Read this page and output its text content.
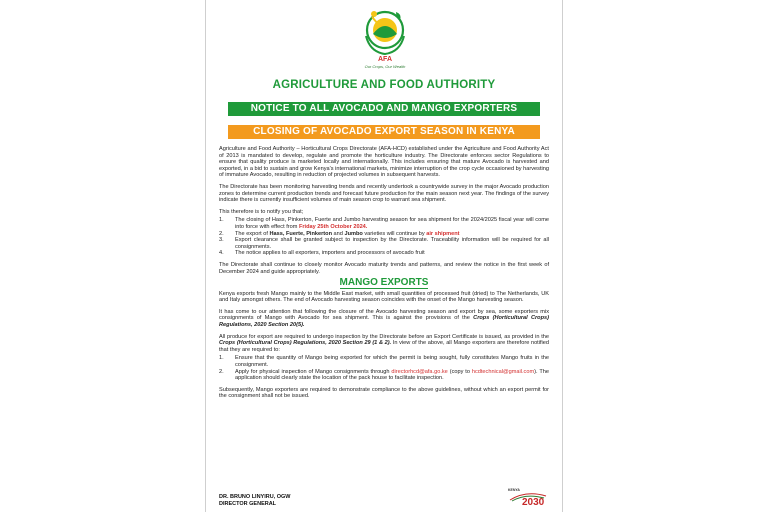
AFA
Our Crops, Our Wealth
AGRICULTURE AND FOOD AUTHORITY
NOTICE TO ALL AVOCADO AND MANGO EXPORTERS
CLOSING OF AVOCADO EXPORT SEASON IN KENYA

Agriculture and Food Authority – Horticultural Crops Directorate (AFA-HCD) established under the Agriculture and Food Authority Act of 2013 is mandated to develop, regulate and promote the horticulture industry. The Directorate enforces sector Regulations to ensure that quality produce is marketed locally and internationally. This includes ensuring that mature Avocado is harvested and exported, in a bid to sustain and grow Kenya's international markets, minimize interruption of the crop cycle occasioned by harvesting of immature Avocado, resulting in reduction of projected volumes in subsequent harvests.

The Directorate has been monitoring harvesting trends and recently undertook a countrywide survey in the major Avocado production zones to determine current production trends and forecast future production for the main season next year. The findings of the survey indicate there is currently insufficient volumes of main season crop to warrant sea shipment.

This therefore is to notify you that;

1.	The closing of Hass, Pinkerton, Fuerte and Jumbo harvesting season for sea shipment for the 2024/2025 fiscal year will come into force with effect from Friday 25th October 2024.
2.	The export of Hass, Fuerte, Pinkerton and Jumbo varieties will continue by air shipment
3.	Export clearance shall be granted subject to inspection by the Directorate. Traceability information will be required for all consignments.
4.	The notice applies to all exporters, importers and processors of avocado fruit

The Directorate shall continue to closely monitor Avocado maturity trends and patterns, and review the notice in the first week of December 2024 and guide appropriately.

MANGO EXPORTS

Kenya exports fresh Mango mainly to the Middle East market, with small quantities of processed fruit (dried) to The Netherlands, UK and Italy amongst others. The end of Avocado harvesting season coincides with the onset of the Mango harvesting season.

It has come to our attention that following the closure of the Avocado harvesting season and export by sea, some exporters mix consignments of Mango with Avocado for sea shipment. This is against the provisions of the Crops (Horticultural Crops) Regulations, 2020 Section 20(5).

All produce for export are required to undergo inspection by the Directorate before an Export Certificate is issued, as provided in the Crops (Horticultural Crops) Regulations, 2020 Section 29 (1 & 2). In view of the above, all Mango exporters are therefore notified that they are required to:

1.	Ensure that the quantity of Mango being exported for which the permit is being sought, fully constitutes Mango fruits in the consignment.
2.	Apply for physical inspection of Mango consignments through directorhcd@afa.go.ke (copy to hcdtechnical@gmail.com). The application should clearly state the location of the pack house to facilitate inspection.

Subsequently, Mango exporters are required to demonstrate compliance to the above guidelines, without which an export permit for the consignment shall not be issued.

DR. BRUNO LINYIRU, OGW
DIRECTOR GENERAL
KENYA
2030
